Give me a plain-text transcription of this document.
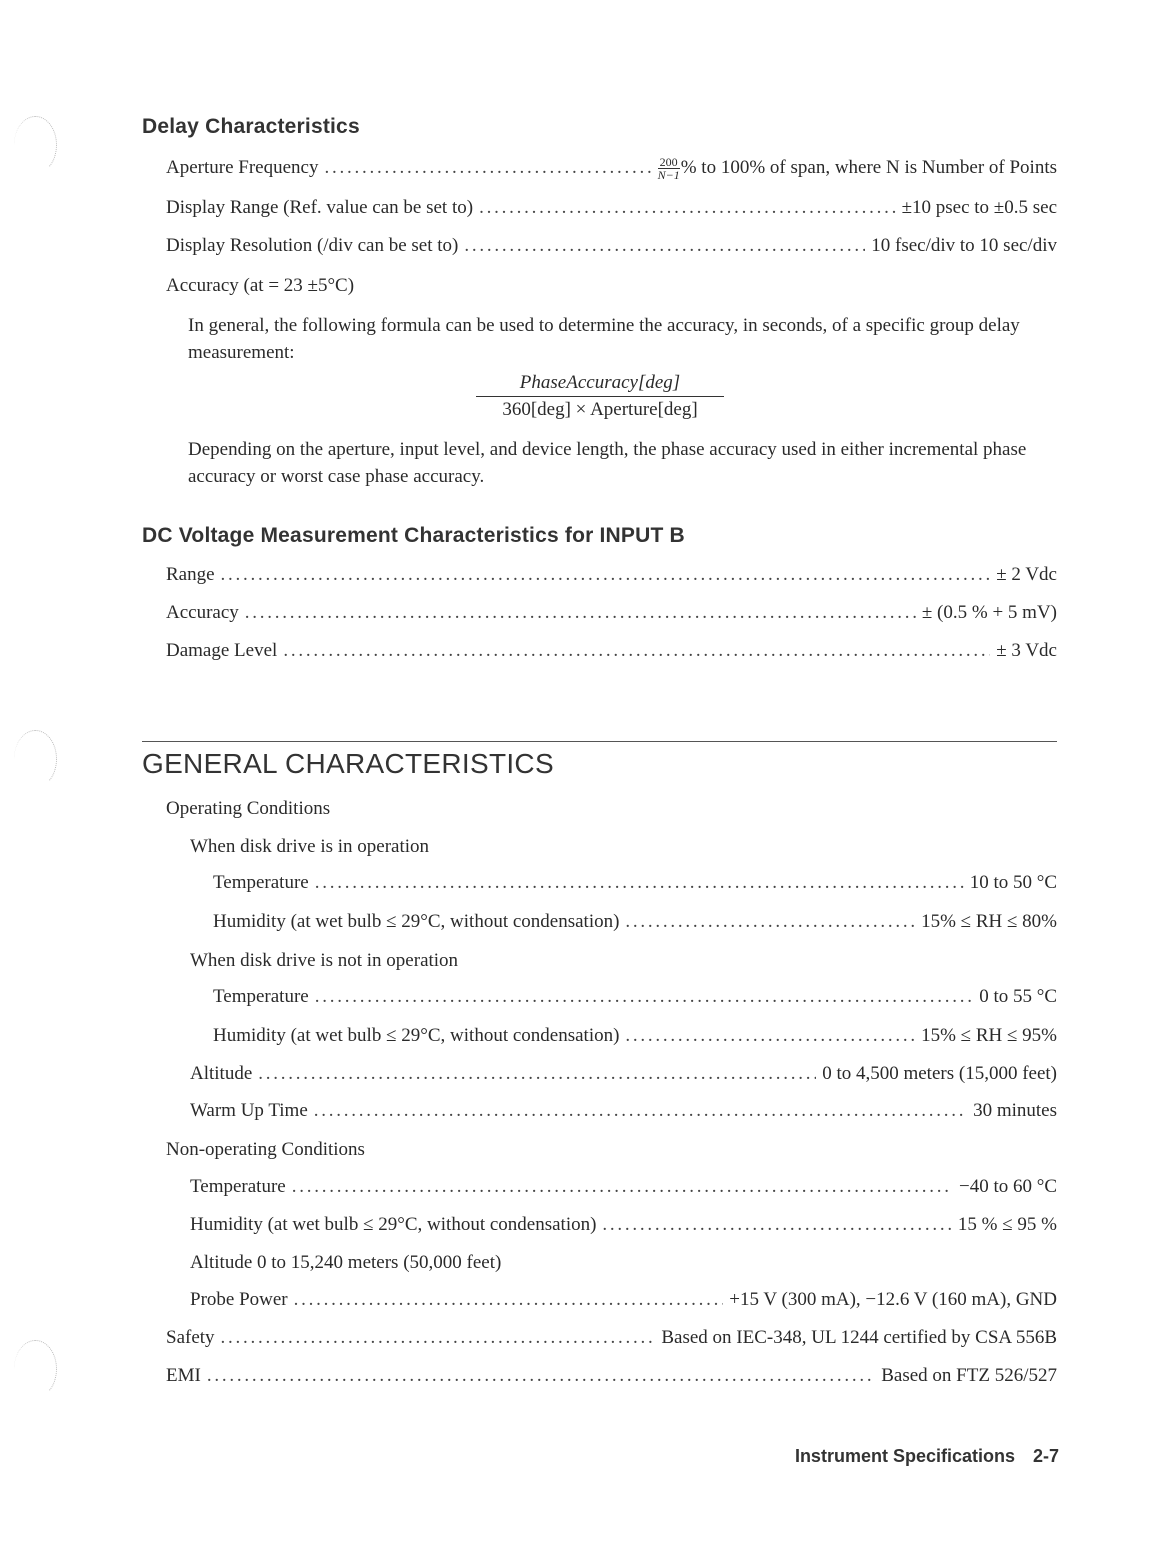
Delay Characteristics
Aperture Frequency . . .	$\frac{200}{N-1}$ % to 100% of span, where N is Number of Points
Display Range (Ref. value can be set to) . . .	±10 psec to ±0.5 sec
Display Resolution (/div can be set to) . . .	10 fsec/div to 10 sec/div
Accuracy (at = 23 ±5°C)
In general, the following formula can be used to determine the accuracy, in seconds, of a specific group delay measurement:
PhaseAccuracy[deg]
360[deg] × Aperture[deg]
Depending on the aperture, input level, and device length, the phase accuracy used in either incremental phase accuracy or worst case phase accuracy.
DC Voltage Measurement Characteristics for INPUT B
Range . . .	± 2 Vdc
Accuracy . . .	± (0.5 % + 5 mV)
Damage Level . . .	± 3 Vdc
GENERAL CHARACTERISTICS
Operating Conditions
When disk drive is in operation
Temperature . . .	10 to 50 °C
Humidity (at wet bulb ≤ 29°C, without condensation) . . .	15% ≤ RH ≤ 80%
When disk drive is not in operation
Temperature . . .	0 to 55 °C
Humidity (at wet bulb ≤ 29°C, without condensation) . . .	15% ≤ RH ≤ 95%
Altitude . . .	0 to 4,500 meters (15,000 feet)
Warm Up Time . . .	30 minutes
Non-operating Conditions
Temperature . . .	−40 to 60 °C
Humidity (at wet bulb ≤ 29°C, without condensation) . . .	15 % ≤ 95 %
Altitude 0 to 15,240 meters (50,000 feet)
Probe Power . . .	+15 V (300 mA), −12.6 V (160 mA), GND
Safety . . .	Based on IEC-348, UL 1244 certified by CSA 556B
EMI . . .	Based on FTZ 526/527
Instrument Specifications 2-7
